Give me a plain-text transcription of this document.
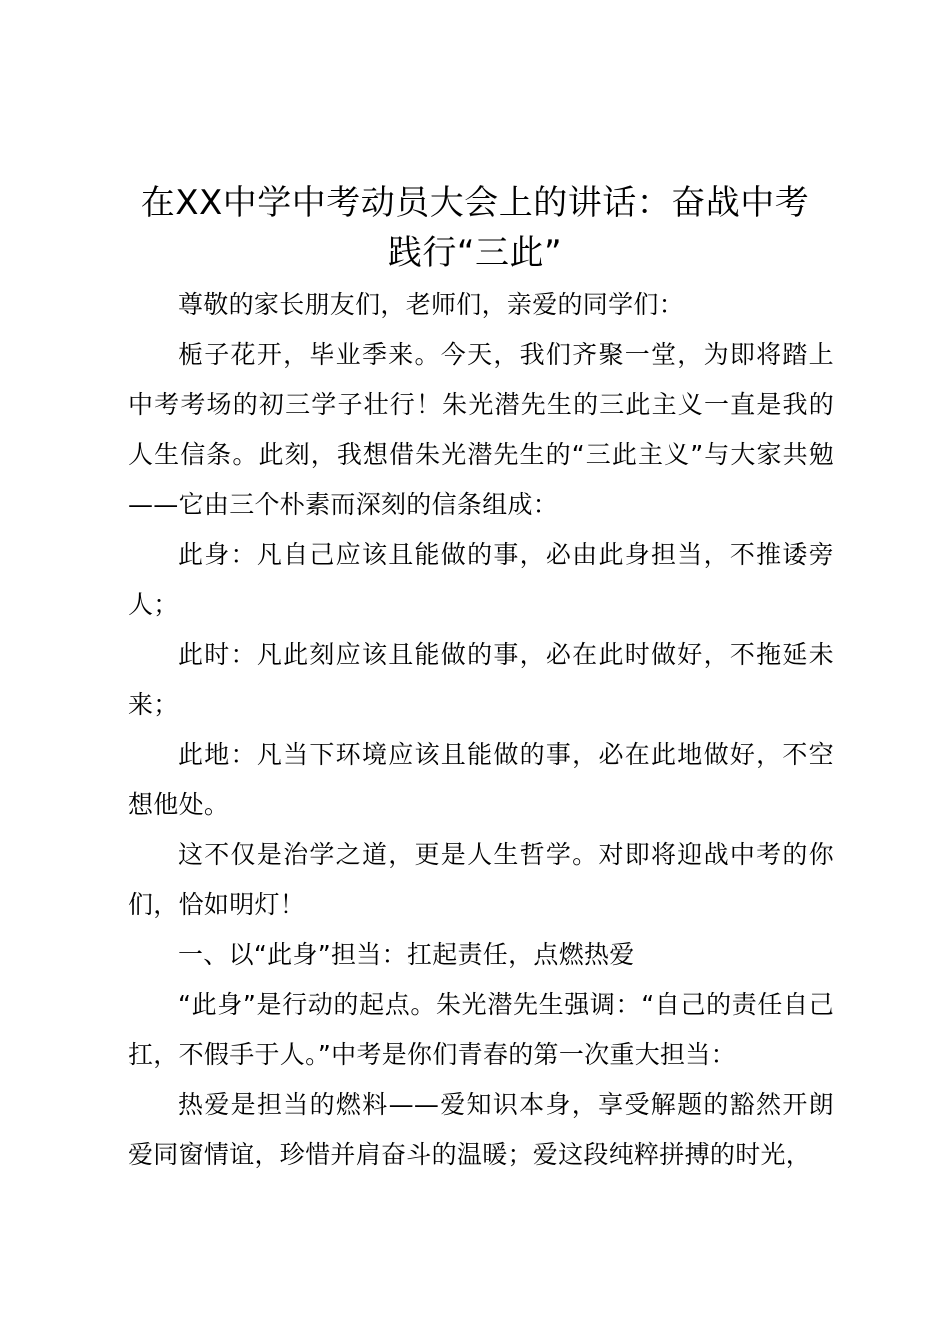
在XX中学中考动员大会上的讲话：奋战中考
践行“三此”

尊敬的家长朋友们，老师们，亲爱的同学们：

栀子花开，毕业季来。今天，我们齐聚一堂，为即将踏上中考考场的初三学子壮行！朱光潜先生的三此主义一直是我的人生信条。此刻，我想借朱光潜先生的“三此主义”与大家共勉——它由三个朴素而深刻的信条组成：

此身：凡自己应该且能做的事，必由此身担当，不推诿旁人；

此时：凡此刻应该且能做的事，必在此时做好，不拖延未来；

此地：凡当下环境应该且能做的事，必在此地做好，不空想他处。

这不仅是治学之道，更是人生哲学。对即将迎战中考的你们，恰如明灯！

一、以“此身”担当：扛起责任，点燃热爱

“此身”是行动的起点。朱光潜先生强调：“自己的责任自己扛，不假手于人。”中考是你们青春的第一次重大担当：

热爱是担当的燃料——爱知识本身，享受解题的豁然开朗爱同窗情谊，珍惜并肩奋斗的温暖；爱这段纯粹拼搏的时光，
